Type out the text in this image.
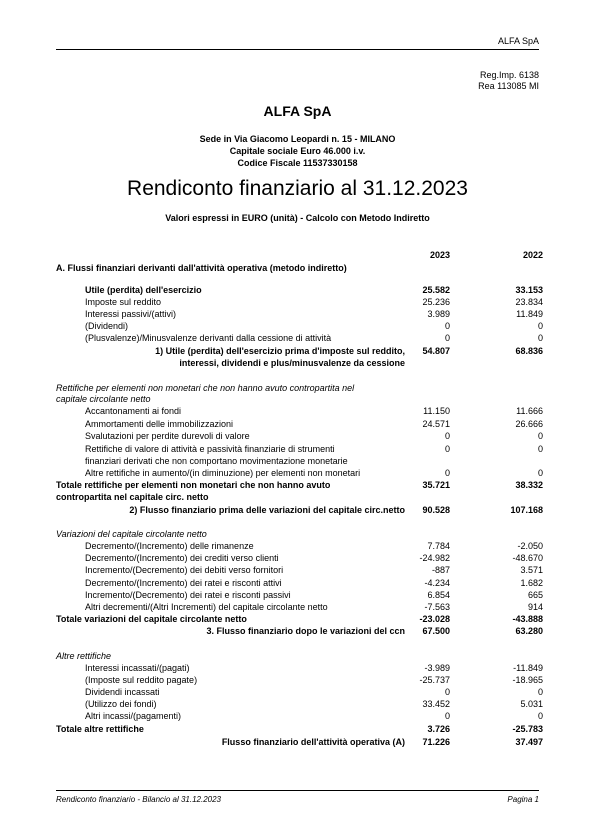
ALFA SpA
Reg.Imp. 6138
Rea 113085 MI
ALFA SpA
Sede in Via Giacomo Leopardi n. 15 - MILANO
Capitale sociale Euro 46.000 i.v.
Codice Fiscale 11537330158
Rendiconto finanziario al 31.12.2023
Valori espressi in EURO (unità) - Calcolo con Metodo Indiretto
2023	2022
A. Flussi finanziari derivanti dall'attività operativa (metodo indiretto)
Utile (perdita) dell'esercizio	25.582	33.153
Imposte sul reddito	25.236	23.834
Interessi passivi/(attivi)	3.989	11.849
(Dividendi)	0	0
(Plusvalenze)/Minusvalenze derivanti dalla cessione di attività	0	0
1) Utile (perdita) dell'esercizio prima d'imposte sul reddito, 54.807	68.836
interessi, dividendi e plus/minusvalenze da cessione
Rettifiche per elementi non monetari che non hanno avuto contropartita nel
capitale circolante netto
Accantonamenti ai fondi	11.150	11.666
Ammortamenti delle immobilizzazioni	24.571	26.666
Svalutazioni per perdite durevoli di valore	0	0
Rettifiche di valore di attività e passività finanziarie di strumenti	0	0
finanziari derivati che non comportano movimentazione monetarie
Altre rettifiche in aumento/(in diminuzione) per elementi non monetari	0	0
Totale rettifiche per elementi non monetari che non hanno avuto	35.721	38.332
contropartita nel capitale circ. netto
2) Flusso finanziario prima delle variazioni del capitale circ.netto 90.528	107.168
Variazioni del capitale circolante netto
Decremento/(Incremento) delle rimanenze	7.784	-2.050
Decremento/(Incremento) dei crediti verso clienti	-24.982	-48.670
Incremento/(Decremento) dei debiti verso fornitori	-887	3.571
Decremento/(Incremento) dei ratei e risconti attivi	-4.234	1.682
Incremento/(Decremento) dei ratei e risconti passivi	6.854	665
Altri decrementi/(Altri Incrementi) del capitale circolante netto	-7.563	914
Totale variazioni del capitale circolante netto	-23.028	-43.888
3. Flusso finanziario dopo le variazioni del ccn 67.500	63.280
Altre rettifiche
Interessi incassati/(pagati)	-3.989	-11.849
(Imposte sul reddito pagate)	-25.737	-18.965
Dividendi incassati	0	0
(Utilizzo dei fondi)	33.452	5.031
Altri incassi/(pagamenti)	0	0
Totale altre rettifiche	3.726	-25.783
Flusso finanziario dell'attività operativa (A) 71.226	37.497
Rendiconto finanziario - Bilancio al 31.12.2023	Pagina 1
